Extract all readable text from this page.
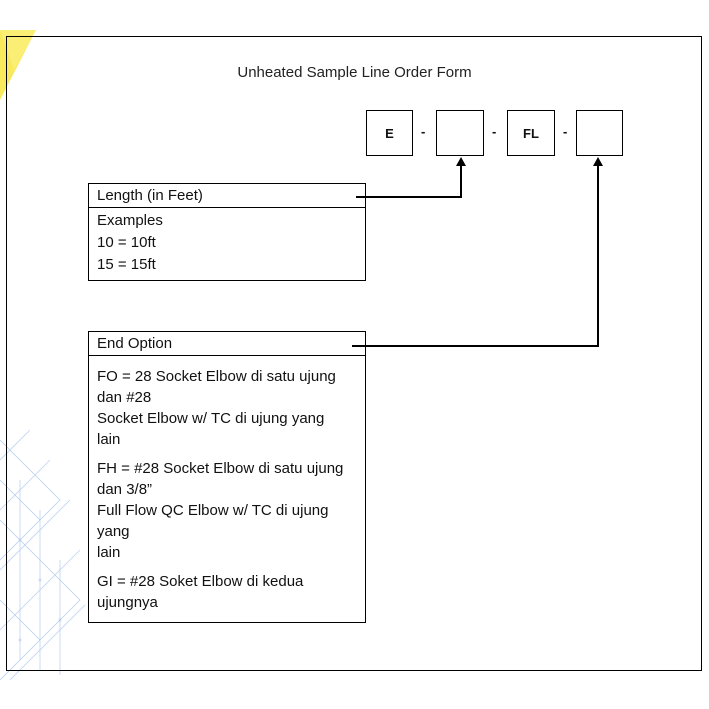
Unheated Sample Line Order Form
E	-	-	FL	-
Length (in Feet)
Examples
10 = 10ft
15 = 15ft
End Option
FO = 28 Socket Elbow di satu ujung
dan #28
Socket Elbow w/ TC di ujung yang
lain
FH = #28 Socket Elbow di satu ujung
dan 3/8”
Full Flow QC Elbow w/ TC di ujung
yang
lain
GI = #28 Soket Elbow di kedua
ujungnya
